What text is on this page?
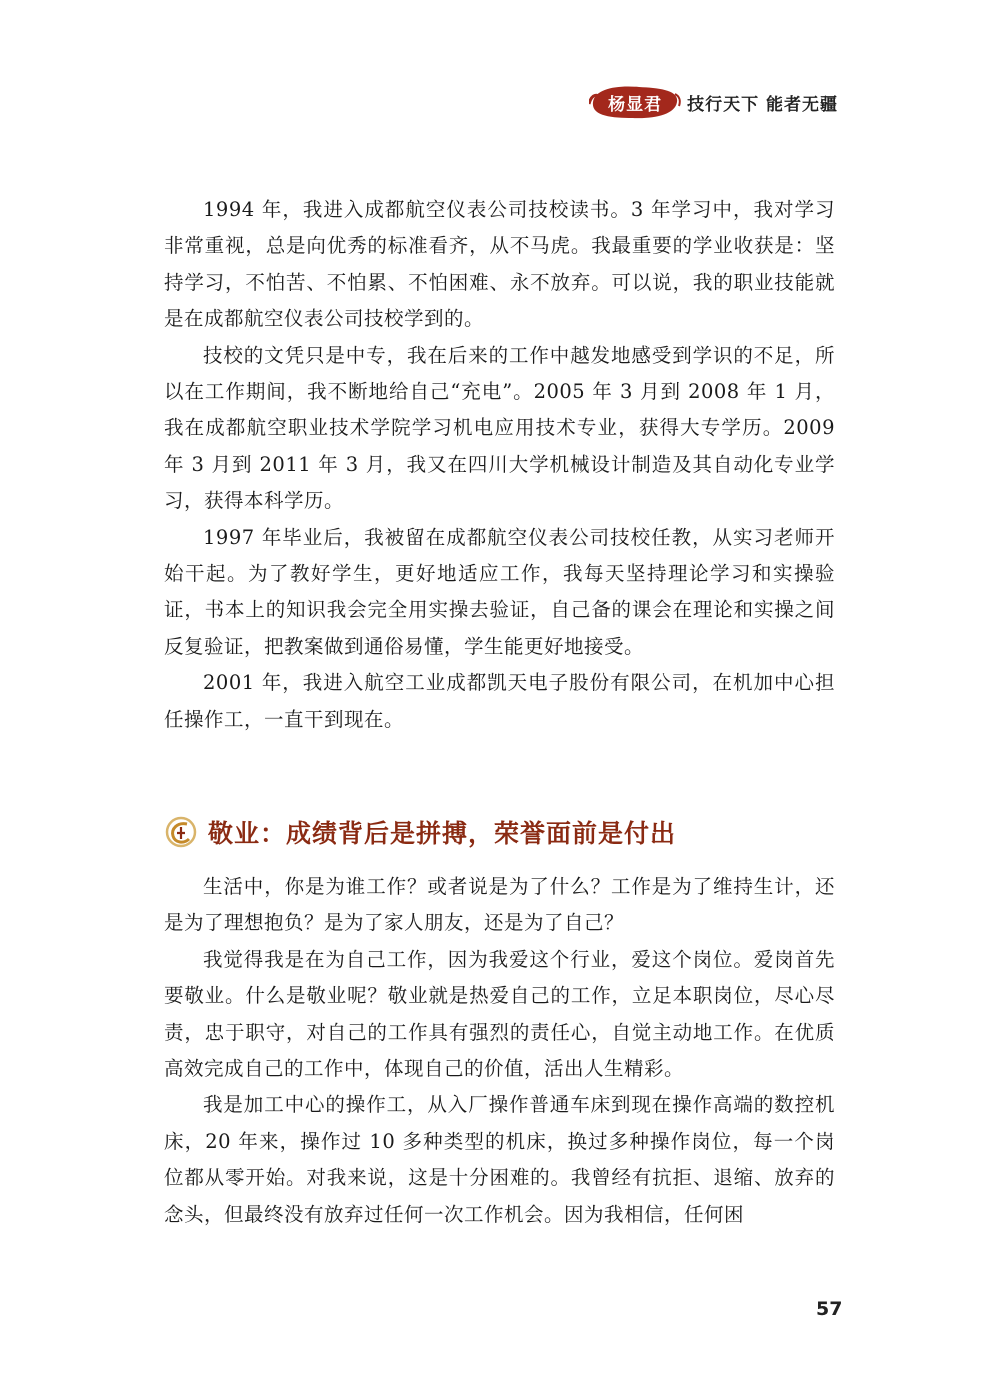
杨显君 技行天下 能者无疆

1994 年，我进入成都航空仪表公司技校读书。3 年学习中，我对学习非常重视，总是向优秀的标准看齐，从不马虎。我最重要的学业收获是：坚持学习，不怕苦、不怕累、不怕困难、永不放弃。可以说，我的职业技能就是在成都航空仪表公司技校学到的。

技校的文凭只是中专，我在后来的工作中越发地感受到学识的不足，所以在工作期间，我不断地给自己“充电”。2005 年 3 月到 2008 年 1 月，我在成都航空职业技术学院学习机电应用技术专业，获得大专学历。2009 年 3 月到 2011 年 3 月，我又在四川大学机械设计制造及其自动化专业学习，获得本科学历。

1997 年毕业后，我被留在成都航空仪表公司技校任教，从实习老师开始干起。为了教好学生，更好地适应工作，我每天坚持理论学习和实操验证，书本上的知识我会完全用实操去验证，自己备的课会在理论和实操之间反复验证，把教案做到通俗易懂，学生能更好地接受。

2001 年，我进入航空工业成都凯天电子股份有限公司，在机加中心担任操作工，一直干到现在。

敬业：成绩背后是拼搏，荣誉面前是付出

生活中，你是为谁工作？或者说是为了什么？工作是为了维持生计，还是为了理想抱负？是为了家人朋友，还是为了自己？

我觉得我是在为自己工作，因为我爱这个行业，爱这个岗位。爱岗首先要敬业。什么是敬业呢？敬业就是热爱自己的工作，立足本职岗位，尽心尽责，忠于职守，对自己的工作具有强烈的责任心，自觉主动地工作。在优质高效完成自己的工作中，体现自己的价值，活出人生精彩。

我是加工中心的操作工，从入厂操作普通车床到现在操作高端的数控机床，20 年来，操作过 10 多种类型的机床，换过多种操作岗位，每一个岗位都从零开始。对我来说，这是十分困难的。我曾经有抗拒、退缩、放弃的念头，但最终没有放弃过任何一次工作机会。因为我相信，任何困

57
